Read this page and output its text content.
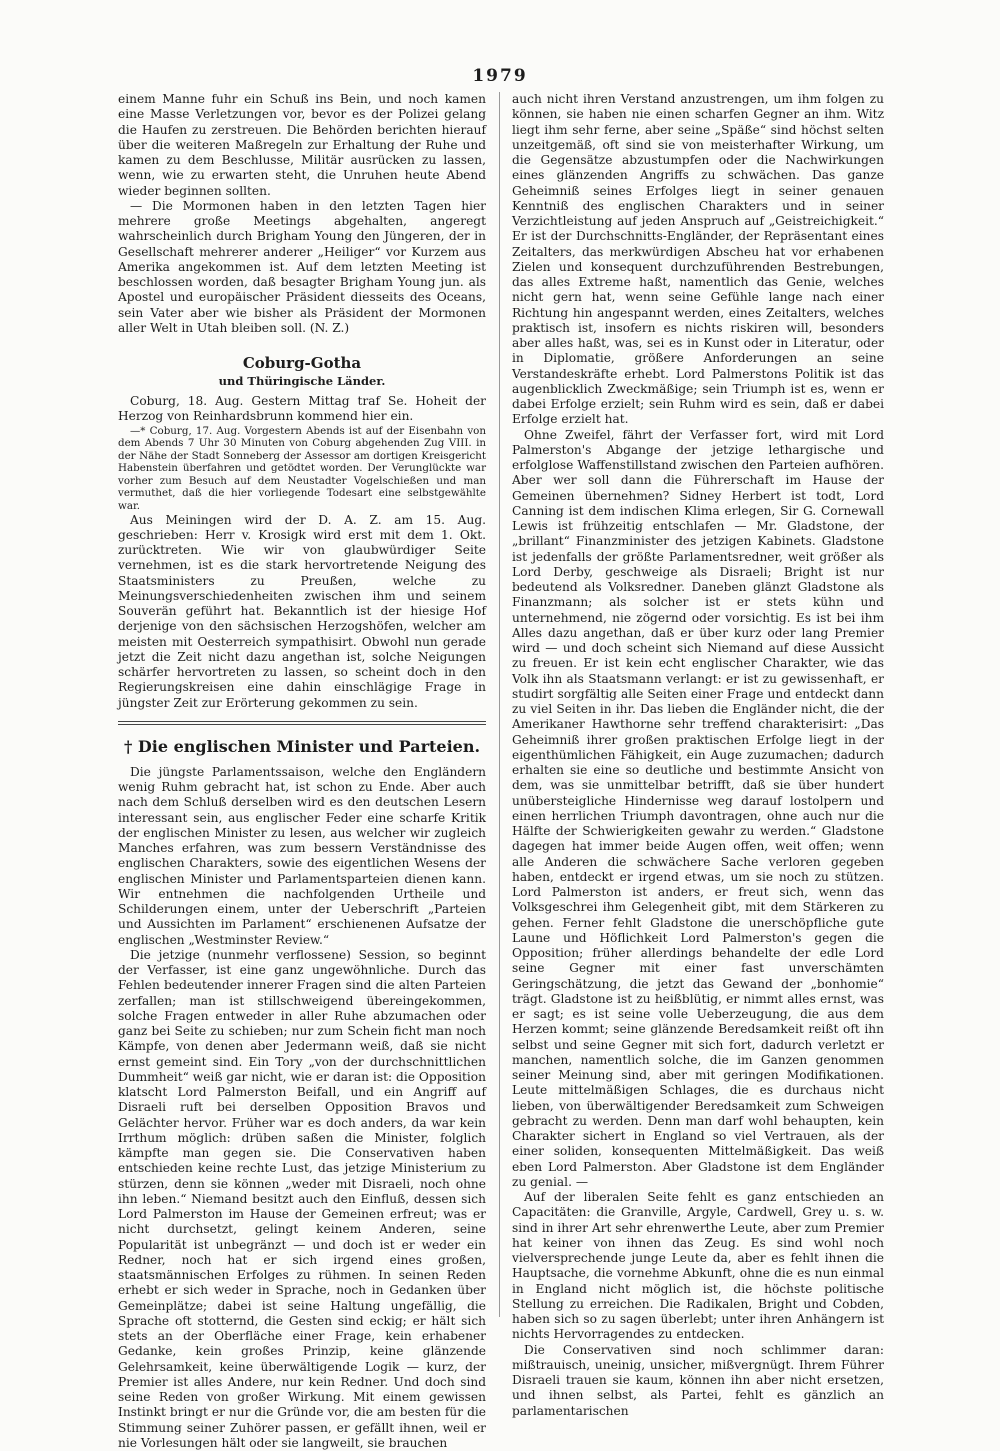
1979

einem Manne fuhr ein Schuß ins Bein, und noch kamen eine Masse Verletzungen vor, bevor es der Polizei gelang die Haufen zu zerstreuen. Die Behörden berichten hierauf über die weiteren Maßregeln zur Erhaltung der Ruhe und kamen zu dem Beschlusse, Militär ausrücken zu lassen, wenn, wie zu erwarten steht, die Unruhen heute Abend wieder beginnen sollten.

— Die Mormonen haben in den letzten Tagen hier mehrere große Meetings abgehalten, angeregt wahrscheinlich durch Brigham Young den Jüngeren, der in Gesellschaft mehrerer anderer „Heiliger“ vor Kurzem aus Amerika angekommen ist. Auf dem letzten Meeting ist beschlossen worden, daß besagter Brigham Young jun. als Apostel und europäischer Präsident diesseits des Oceans, sein Vater aber wie bisher als Präsident der Mormonen aller Welt in Utah bleiben soll. (N. Z.)

Coburg-Gotha
und Thüringische Länder.

Coburg, 18. Aug. Gestern Mittag traf Se. Hoheit der Herzog von Reinhardsbrunn kommend hier ein.

—* Coburg, 17. Aug. Vorgestern Abends ist auf der Eisenbahn von dem Abends 7 Uhr 30 Minuten von Coburg abgehenden Zug VIII. in der Nähe der Stadt Sonneberg der Assessor am dortigen Kreisgericht Habenstein überfahren und getödtet worden. Der Verunglückte war vorher zum Besuch auf dem Neustadter Vogelschießen und man vermuthet, daß die hier vorliegende Todesart eine selbstgewählte war.

Aus Meiningen wird der D. A. Z. am 15. Aug. geschrieben: Herr v. Krosigk wird erst mit dem 1. Okt. zurücktreten. Wie wir von glaubwürdiger Seite vernehmen, ist es die stark hervortretende Neigung des Staatsministers zu Preußen, welche zu Meinungsverschiedenheiten zwischen ihm und seinem Souverän geführt hat. Bekanntlich ist der hiesige Hof derjenige von den sächsischen Herzogshöfen, welcher am meisten mit Oesterreich sympathisirt. Obwohl nun gerade jetzt die Zeit nicht dazu angethan ist, solche Neigungen schärfer hervortreten zu lassen, so scheint doch in den Regierungskreisen eine dahin einschlägige Frage in jüngster Zeit zur Erörterung gekommen zu sein.

† Die englischen Minister und Parteien.

Die jüngste Parlamentssaison, welche den Engländern wenig Ruhm gebracht hat, ist schon zu Ende. Aber auch nach dem Schluß derselben wird es den deutschen Lesern interessant sein, aus englischer Feder eine scharfe Kritik der englischen Minister zu lesen, aus welcher wir zugleich Manches erfahren, was zum bessern Verständnisse des englischen Charakters, sowie des eigentlichen Wesens der englischen Minister und Parlamentsparteien dienen kann. Wir entnehmen die nachfolgenden Urtheile und Schilderungen einem, unter der Ueberschrift „Parteien und Aussichten im Parlament“ erschienenen Aufsatze der englischen „Westminster Review.“

Die jetzige (nunmehr verflossene) Session, so beginnt der Verfasser, ist eine ganz ungewöhnliche. Durch das Fehlen bedeutender innerer Fragen sind die alten Parteien zerfallen; man ist stillschweigend übereingekommen, solche Fragen entweder in aller Ruhe abzumachen oder ganz bei Seite zu schieben; nur zum Schein ficht man noch Kämpfe, von denen aber Jedermann weiß, daß sie nicht ernst gemeint sind. Ein Tory „von der durchschnittlichen Dummheit“ weiß gar nicht, wie er daran ist: die Opposition klatscht Lord Palmerston Beifall, und ein Angriff auf Disraeli ruft bei derselben Opposition Bravos und Gelächter hervor. Früher war es doch anders, da war kein Irrthum möglich: drüben saßen die Minister, folglich kämpfte man gegen sie. Die Conservativen haben entschieden keine rechte Lust, das jetzige Ministerium zu stürzen, denn sie können „weder mit Disraeli, noch ohne ihn leben.“ Niemand besitzt auch den Einfluß, dessen sich Lord Palmerston im Hause der Gemeinen erfreut; was er nicht durchsetzt, gelingt keinem Anderen, seine Popularität ist unbegränzt — und doch ist er weder ein Redner, noch hat er sich irgend eines großen, staatsmännischen Erfolges zu rühmen. In seinen Reden erhebt er sich weder in Sprache, noch in Gedanken über Gemeinplätze; dabei ist seine Haltung ungefällig, die Sprache oft stotternd, die Gesten sind eckig; er hält sich stets an der Oberfläche einer Frage, kein erhabener Gedanke, kein großes Prinzip, keine glänzende Gelehrsamkeit, keine überwältigende Logik — kurz, der Premier ist alles Andere, nur kein Redner. Und doch sind seine Reden von großer Wirkung. Mit einem gewissen Instinkt bringt er nur die Gründe vor, die am besten für die Stimmung seiner Zuhörer passen, er gefällt ihnen, weil er nie Vorlesungen hält oder sie langweilt, sie brauchen

auch nicht ihren Verstand anzustrengen, um ihm folgen zu können, sie haben nie einen scharfen Gegner an ihm. Witz liegt ihm sehr ferne, aber seine „Späße“ sind höchst selten unzeitgemäß, oft sind sie von meisterhafter Wirkung, um die Gegensätze abzustumpfen oder die Nachwirkungen eines glänzenden Angriffs zu schwächen. Das ganze Geheimniß seines Erfolges liegt in seiner genauen Kenntniß des englischen Charakters und in seiner Verzichtleistung auf jeden Anspruch auf „Geistreichigkeit.“ Er ist der Durchschnitts-Engländer, der Repräsentant eines Zeitalters, das merkwürdigen Abscheu hat vor erhabenen Zielen und konsequent durchzuführenden Bestrebungen, das alles Extreme haßt, namentlich das Genie, welches nicht gern hat, wenn seine Gefühle lange nach einer Richtung hin angespannt werden, eines Zeitalters, welches praktisch ist, insofern es nichts riskiren will, besonders aber alles haßt, was, sei es in Kunst oder in Literatur, oder in Diplomatie, größere Anforderungen an seine Verstandeskräfte erhebt. Lord Palmerstons Politik ist das augenblicklich Zweckmäßige; sein Triumph ist es, wenn er dabei Erfolge erzielt; sein Ruhm wird es sein, daß er dabei Erfolge erzielt hat.

Ohne Zweifel, fährt der Verfasser fort, wird mit Lord Palmerston's Abgange der jetzige lethargische und erfolglose Waffenstillstand zwischen den Parteien aufhören. Aber wer soll dann die Führerschaft im Hause der Gemeinen übernehmen? Sidney Herbert ist todt, Lord Canning ist dem indischen Klima erlegen, Sir G. Cornewall Lewis ist frühzeitig entschlafen — Mr. Gladstone, der „brillant“ Finanzminister des jetzigen Kabinets. Gladstone ist jedenfalls der größte Parlamentsredner, weit größer als Lord Derby, geschweige als Disraeli; Bright ist nur bedeutend als Volksredner. Daneben glänzt Gladstone als Finanzmann; als solcher ist er stets kühn und unternehmend, nie zögernd oder vorsichtig. Es ist bei ihm Alles dazu angethan, daß er über kurz oder lang Premier wird — und doch scheint sich Niemand auf diese Aussicht zu freuen. Er ist kein echt englischer Charakter, wie das Volk ihn als Staatsmann verlangt: er ist zu gewissenhaft, er studirt sorgfältig alle Seiten einer Frage und entdeckt dann zu viel Seiten in ihr. Das lieben die Engländer nicht, die der Amerikaner Hawthorne sehr treffend charakterisirt: „Das Geheimniß ihrer großen praktischen Erfolge liegt in der eigenthümlichen Fähigkeit, ein Auge zuzumachen; dadurch erhalten sie eine so deutliche und bestimmte Ansicht von dem, was sie unmittelbar betrifft, daß sie über hundert unübersteigliche Hindernisse weg darauf lostolpern und einen herrlichen Triumph davontragen, ohne auch nur die Hälfte der Schwierigkeiten gewahr zu werden.“ Gladstone dagegen hat immer beide Augen offen, weit offen; wenn alle Anderen die schwächere Sache verloren gegeben haben, entdeckt er irgend etwas, um sie noch zu stützen. Lord Palmerston ist anders, er freut sich, wenn das Volksgeschrei ihm Gelegenheit gibt, mit dem Stärkeren zu gehen. Ferner fehlt Gladstone die unerschöpfliche gute Laune und Höflichkeit Lord Palmerston's gegen die Opposition; früher allerdings behandelte der edle Lord seine Gegner mit einer fast unverschämten Geringschätzung, die jetzt das Gewand der „bonhomie“ trägt. Gladstone ist zu heißblütig, er nimmt alles ernst, was er sagt; es ist seine volle Ueberzeugung, die aus dem Herzen kommt; seine glänzende Beredsamkeit reißt oft ihn selbst und seine Gegner mit sich fort, dadurch verletzt er manchen, namentlich solche, die im Ganzen genommen seiner Meinung sind, aber mit geringen Modifikationen. Leute mittelmäßigen Schlages, die es durchaus nicht lieben, von überwältigender Beredsamkeit zum Schweigen gebracht zu werden. Denn man darf wohl behaupten, kein Charakter sichert in England so viel Vertrauen, als der einer soliden, konsequenten Mittelmäßigkeit. Das weiß eben Lord Palmerston. Aber Gladstone ist dem Engländer zu genial. —

Auf der liberalen Seite fehlt es ganz entschieden an Capacitäten: die Granville, Argyle, Cardwell, Grey u. s. w. sind in ihrer Art sehr ehrenwerthe Leute, aber zum Premier hat keiner von ihnen das Zeug. Es sind wohl noch vielversprechende junge Leute da, aber es fehlt ihnen die Hauptsache, die vornehme Abkunft, ohne die es nun einmal in England nicht möglich ist, die höchste politische Stellung zu erreichen. Die Radikalen, Bright und Cobden, haben sich so zu sagen überlebt; unter ihren Anhängern ist nichts Hervorragendes zu entdecken.

Die Conservativen sind noch schlimmer daran: mißtrauisch, uneinig, unsicher, mißvergnügt. Ihrem Führer Disraeli trauen sie kaum, können ihn aber nicht ersetzen, und ihnen selbst, als Partei, fehlt es gänzlich an parlamentarischen
